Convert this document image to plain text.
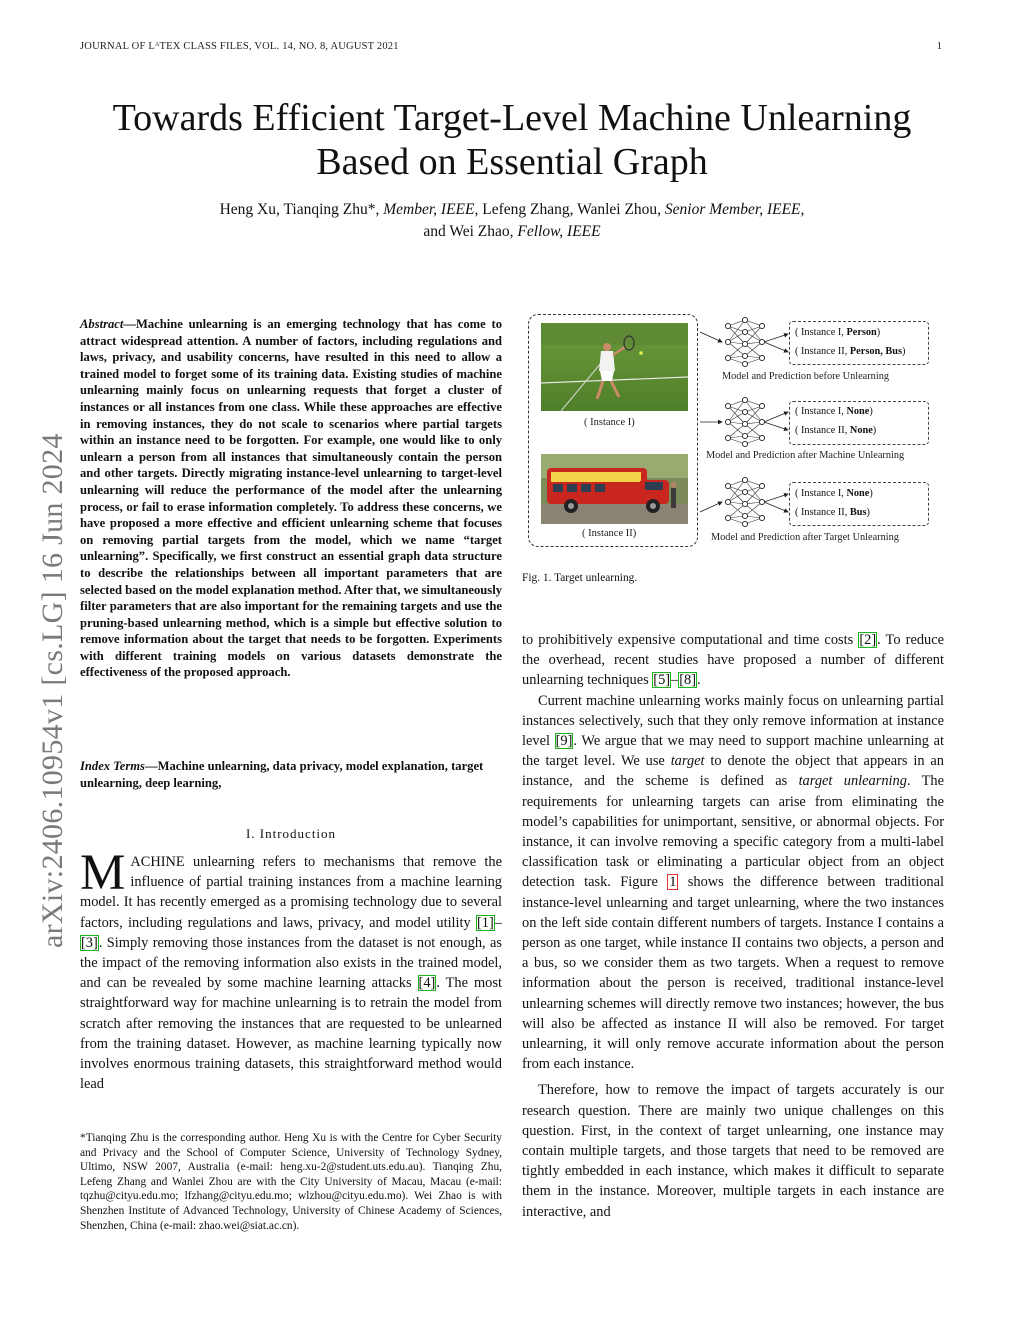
JOURNAL OF LᴬTEX CLASS FILES, VOL. 14, NO. 8, AUGUST 2021	1
arXiv:2406.10954v1 [cs.LG] 16 Jun 2024
Towards Efficient Target-Level Machine Unlearning
Based on Essential Graph
Heng Xu, Tianqing Zhu*, Member, IEEE, Lefeng Zhang, Wanlei Zhou, Senior Member, IEEE,
and Wei Zhao, Fellow, IEEE
Abstract—Machine unlearning is an emerging technology that has come to attract widespread attention. A number of factors, including regulations and laws, privacy, and usability concerns, have resulted in this need to allow a trained model to forget some of its training data. Existing studies of machine unlearning mainly focus on unlearning requests that forget a cluster of instances or all instances from one class. While these approaches are effective in removing instances, they do not scale to scenarios where partial targets within an instance need to be forgotten. For example, one would like to only unlearn a person from all instances that simultaneously contain the person and other targets. Directly migrating instance-level unlearning to target-level unlearning will reduce the performance of the model after the unlearning process, or fail to erase information completely. To address these concerns, we have proposed a more effective and efficient unlearning scheme that focuses on removing partial targets from the model, which we name “target unlearning”. Specifically, we first construct an essential graph data structure to describe the relationships between all important parameters that are selected based on the model explanation method. After that, we simultaneously filter parameters that are also important for the remaining targets and use the pruning-based unlearning method, which is a simple but effective solution to remove information about the target that needs to be forgotten. Experiments with different training models on various datasets demonstrate the effectiveness of the proposed approach.
Index Terms—Machine unlearning, data privacy, model explanation, target unlearning, deep learning,
I. Introduction
MACHINE unlearning refers to mechanisms that remove the influence of partial training instances from a machine learning model. It has recently emerged as a promising technology due to several factors, including regulations and laws, privacy, and model utility [1]–[3]. Simply removing those instances from the dataset is not enough, as the impact of the removing information also exists in the trained model, and can be revealed by some machine learning attacks [4]. The most straightforward way for machine unlearning is to retrain the model from scratch after removing the instances that are requested to be unlearned from the training dataset. However, as machine learning typically now involves enormous training datasets, this straightforward method would lead
*Tianqing Zhu is the corresponding author. Heng Xu is with the Centre for Cyber Security and Privacy and the School of Computer Science, University of Technology Sydney, Ultimo, NSW 2007, Australia (e-mail: heng.xu-2@student.uts.edu.au). Tianqing Zhu, Lefeng Zhang and Wanlei Zhou are with the City University of Macau, Macau (e-mail: tqzhu@cityu.edu.mo; lfzhang@cityu.edu.mo; wlzhou@cityu.edu.mo). Wei Zhao is with Shenzhen Institute of Advanced Technology, University of Chinese Academy of Sciences, Shenzhen, China (e-mail: zhao.wei@siat.ac.cn).
( Instance I)
( Instance II)
( Instance I, Person)
( Instance II, Person, Bus)
Model and Prediction before Unlearning
( Instance I, None)
( Instance II, None)
Model and Prediction after Machine Unlearning
( Instance I, None)
( Instance II, Bus)
Model and Prediction after Target Unlearning
Fig. 1. Target unlearning.

to prohibitively expensive computational and time costs [2]. To reduce the overhead, recent studies have proposed a number of different unlearning techniques [5]–[8].

Current machine unlearning works mainly focus on unlearning partial instances selectively, such that they only remove information at instance level [9]. We argue that we may need to support machine unlearning at the target level. We use target to denote the object that appears in an instance, and the scheme is defined as target unlearning. The requirements for unlearning targets can arise from eliminating the model’s capabilities for unimportant, sensitive, or abnormal objects. For instance, it can involve removing a specific category from a multi-label classification task or eliminating a particular object from an object detection task. Figure 1 shows the difference between traditional instance-level unlearning and target unlearning, where the two instances on the left side contain different numbers of targets. Instance I contains a person as one target, while instance II contains two objects, a person and a bus, so we consider them as two targets. When a request to remove information about the person is received, traditional instance-level unlearning schemes will directly remove two instances; however, the bus will also be affected as instance II will also be removed. For target unlearning, it will only remove accurate information about the person from each instance.

Therefore, how to remove the impact of targets accurately is our research question. There are mainly two unique challenges on this question. First, in the context of target unlearning, one instance may contain multiple targets, and those targets that need to be removed are tightly embedded in each instance, which makes it difficult to separate them in the instance. Moreover, multiple targets in each instance are interactive, and
